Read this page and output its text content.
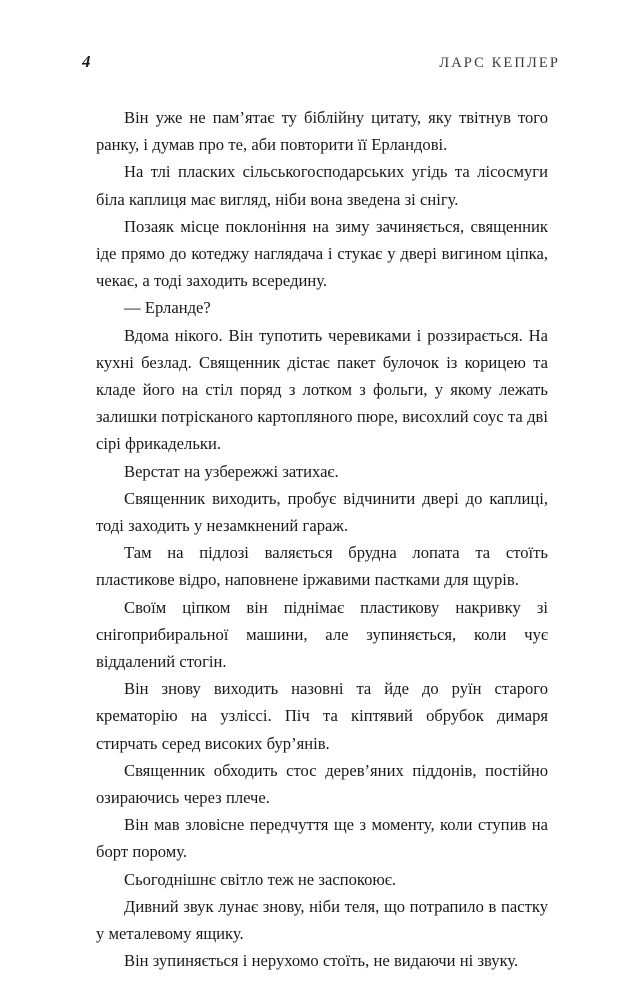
4	ЛАРС КЕПЛЕР

Він уже не пам’ятає ту біблійну цитату, яку твітнув того ранку, і думав про те, аби повторити її Ерландові.

На тлі пласких сільськогосподарських угідь та лісосмуги біла каплиця має вигляд, ніби вона зведена зі снігу.

Позаяк місце поклоніння на зиму зачиняється, священник іде прямо до котеджу наглядача і стукає у двері вигином ціпка, чекає, а тоді заходить всередину.

— Ерланде?

Вдома нікого. Він тупотить черевиками і роззирається. На кухні безлад. Священник дістає пакет булочок із корицею та кладе його на стіл поряд з лотком з фольги, у якому лежать залишки потрісканого картопляного пюре, висохлий соус та дві сірі фрикадельки.

Верстат на узбережжі затихає.

Священник виходить, пробує відчинити двері до каплиці, тоді заходить у незамкнений гараж.

Там на підлозі валяється брудна лопата та стоїть пластикове відро, наповнене іржавими пастками для щурів.

Своїм ціпком він піднімає пластикову накривку зі снігоприбиральної машини, але зупиняється, коли чує віддалений стогін.

Він знову виходить назовні та йде до руїн старого крематорію на узліссі. Піч та кіптявий обрубок димаря стирчать серед високих бур’янів.

Священник обходить стос дерев’яних піддонів, постійно озираючись через плече.

Він мав зловісне передчуття ще з моменту, коли ступив на борт порому.

Сьогоднішнє світло теж не заспокоює.

Дивний звук лунає знову, ніби теля, що потрапило в пастку у металевому ящику.

Він зупиняється і нерухомо стоїть, не видаючи ні звуку.
